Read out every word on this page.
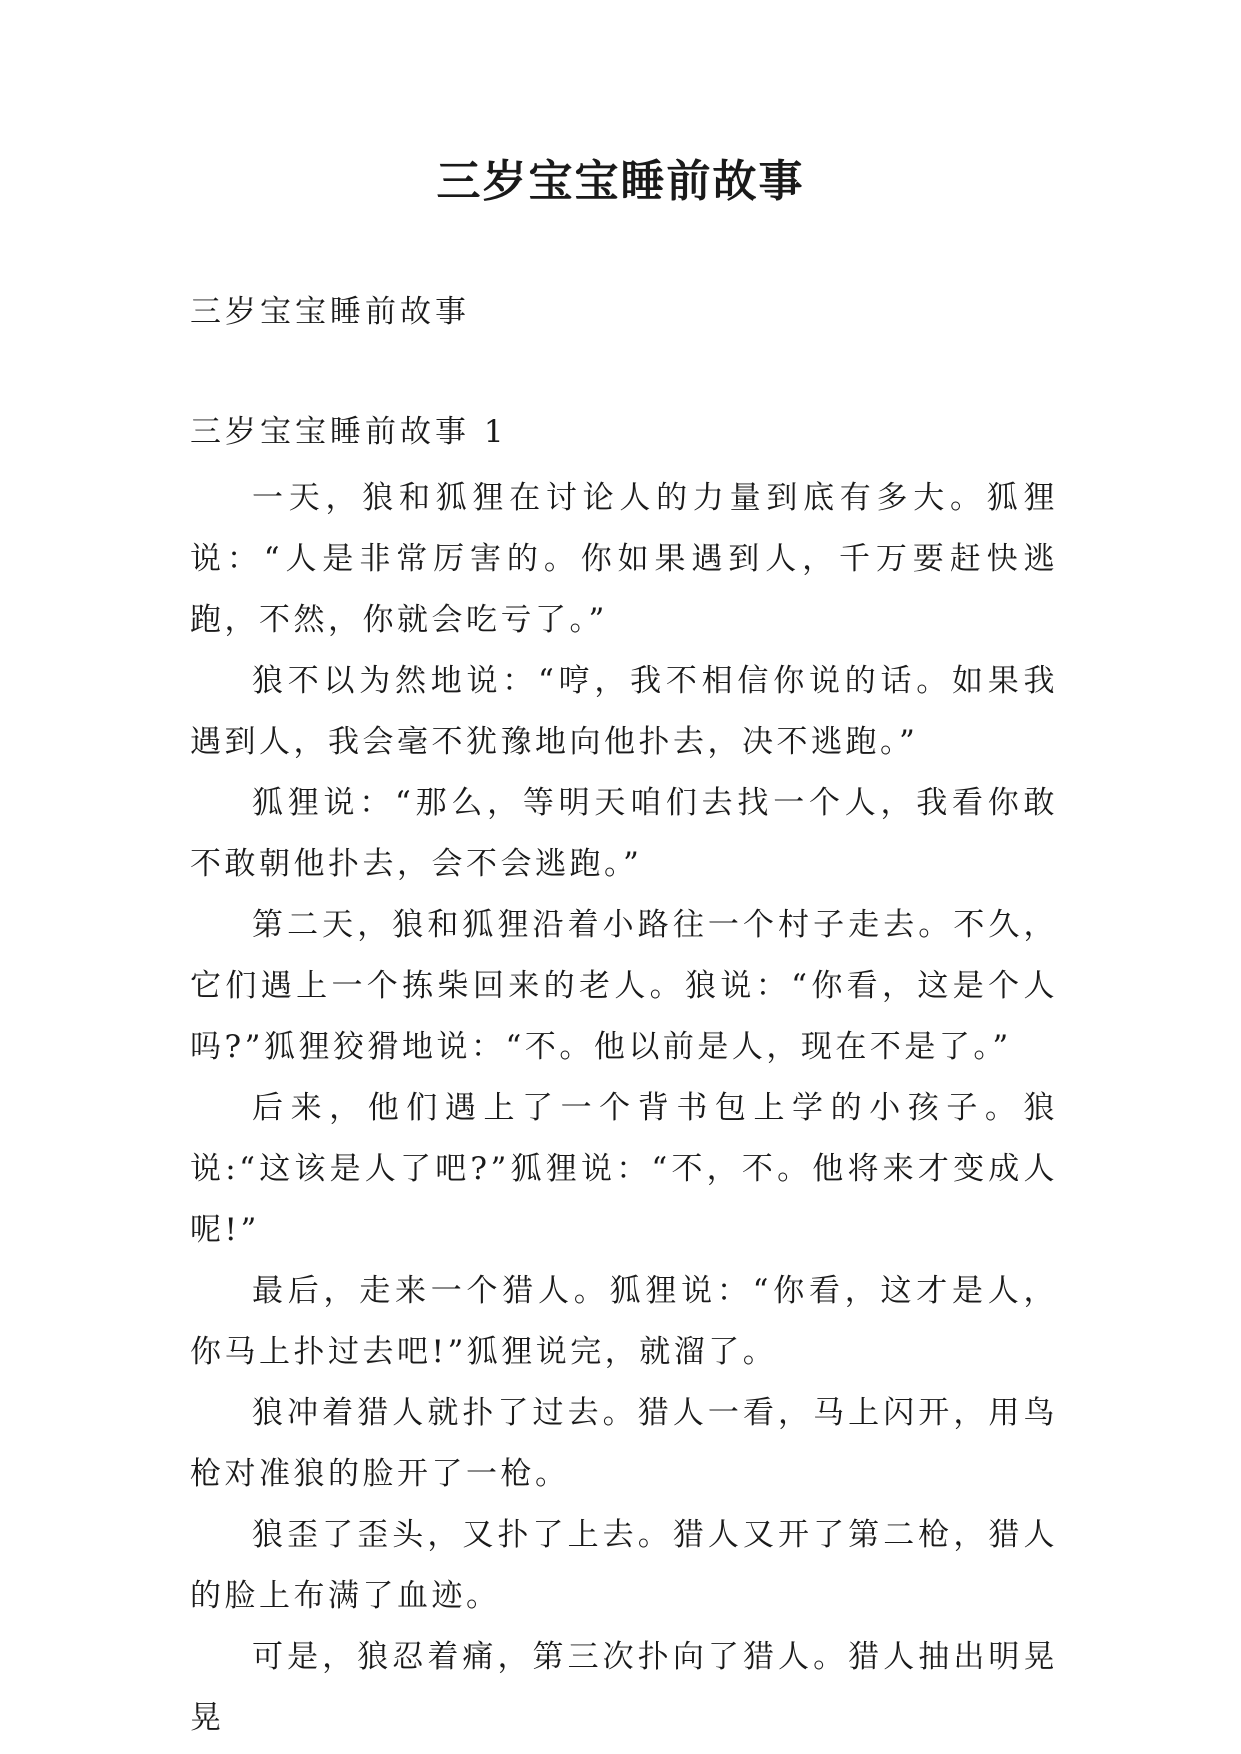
三岁宝宝睡前故事

三岁宝宝睡前故事

三岁宝宝睡前故事 1

一天，狼和狐狸在讨论人的力量到底有多大。狐狸说：“人是非常厉害的。你如果遇到人，千万要赶快逃跑，不然，你就会吃亏了。”

狼不以为然地说：“哼，我不相信你说的话。如果我遇到人，我会毫不犹豫地向他扑去，决不逃跑。”

狐狸说：“那么，等明天咱们去找一个人，我看你敢不敢朝他扑去，会不会逃跑。”

第二天，狼和狐狸沿着小路往一个村子走去。不久，它们遇上一个拣柴回来的老人。狼说：“你看，这是个人吗?”狐狸狡猾地说：“不。他以前是人，现在不是了。”

后来，他们遇上了一个背书包上学的小孩子。狼说:“这该是人了吧?”狐狸说：“不，不。他将来才变成人呢!”

最后，走来一个猎人。狐狸说：“你看，这才是人，你马上扑过去吧!”狐狸说完，就溜了。

狼冲着猎人就扑了过去。猎人一看，马上闪开，用鸟枪对准狼的脸开了一枪。

狼歪了歪头，又扑了上去。猎人又开了第二枪，猎人的脸上布满了血迹。

可是，狼忍着痛，第三次扑向了猎人。猎人抽出明晃晃
